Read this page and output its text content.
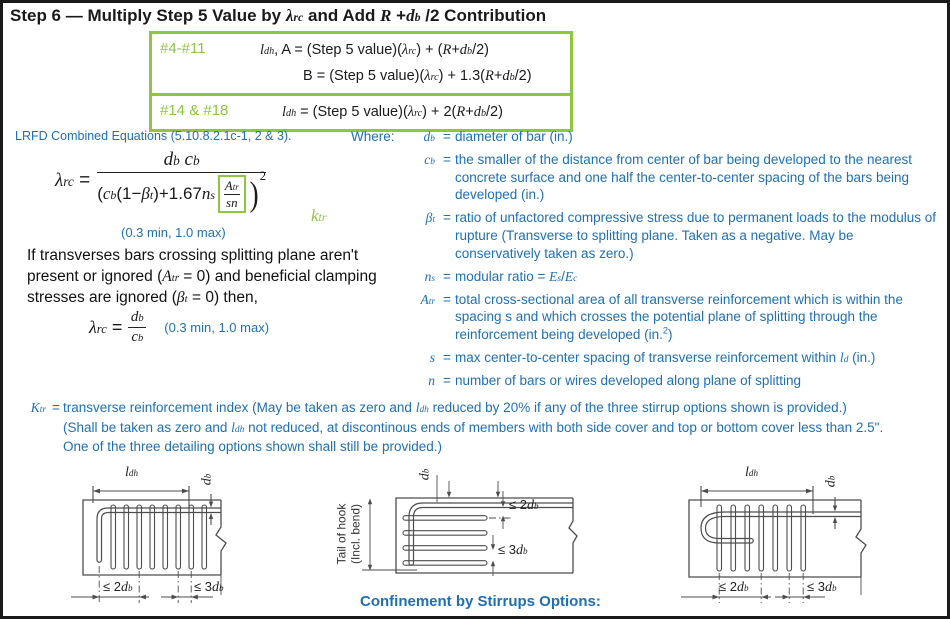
Step 6 — Multiply Step 5 Value by $\lambda_{rc}$ and Add $R +d_b$ /2 Contribution
#4-#11	$l_{dh}$, A = (Step 5 $value)(\lambda_{rc}) + (R+d_b/2)$
B = (Step 5 $value)(\lambda_{rc}) + 1.3(R+d_b/2)$
#14 & #18	$l_{dh}$ = (Step 5 $value)(\lambda_{rc}) + 2(R+d_b/2)$
LRFD Combined Equations (5.10.8.2.1c-1, 2 & 3).
$\lambda_{rc}$ =
$d_b$ $c_b$
($c_b(1-\beta_t)+1.67n_s$
$A_{tr}$
sn ) 2
$k_{tr}$
(0.3 min, 1.0 max)

If transverses bars crossing splitting plane aren't present or ignored $(A_{tr} = 0)$ and beneficial clamping stresses are ignored $(\beta_t = 0)$ then,

$\lambda_{rc} = \frac{d_b}{c_b} (0.3$ min, 1.0 max)
Where:	$d_b$ = diameter of bar (in.)
$c_b$ = the smaller of the distance from center of bar being developed to the nearest concrete surface and one half the center-to-center spacing of the bars being developed (in.)
$\beta_t$ = ratio of unfactored compressive stress due to permanent loads to the modulus of rupture (Transverse to splitting plane. Taken as a negative. May be conservatively taken as zero.)
$n_s$ = modular ratio = $E_s/E_c$
$A_{tr}$ = total cross-sectional area of all transverse reinforcement which is within the spacing s and which crosses the potential plane of splitting through the reinforcement being developed (in.$^2$)
s = max center-to-center spacing of transverse reinforcement within $l_d$ (in.)
n = number of bars or wires developed along plane of splitting
$K_{tr}$ = transverse reinforcement index (May be taken as zero and $l_{dh}$ reduced by 20% if any of the three stirrup options shown is provided.)
(Shall be taken as zero and $l_{dh}$ not reduced, at discontinous ends of members with both side cover and top or bottom cover less than 2.5".
One of the three detailing options shown shall still be provided.)
$l_{dh}$
$d_b$
≤ $2d_b$	≤ $3d_b$
Tail of hook
(Incl. bend)
$d_b$
≤ $2d_b$
≤ $3d_b$
Confinement by Stirrups Options:
$l_{dh}$
$d_b$
≤ $2d_b$	≤ $3d_b$
